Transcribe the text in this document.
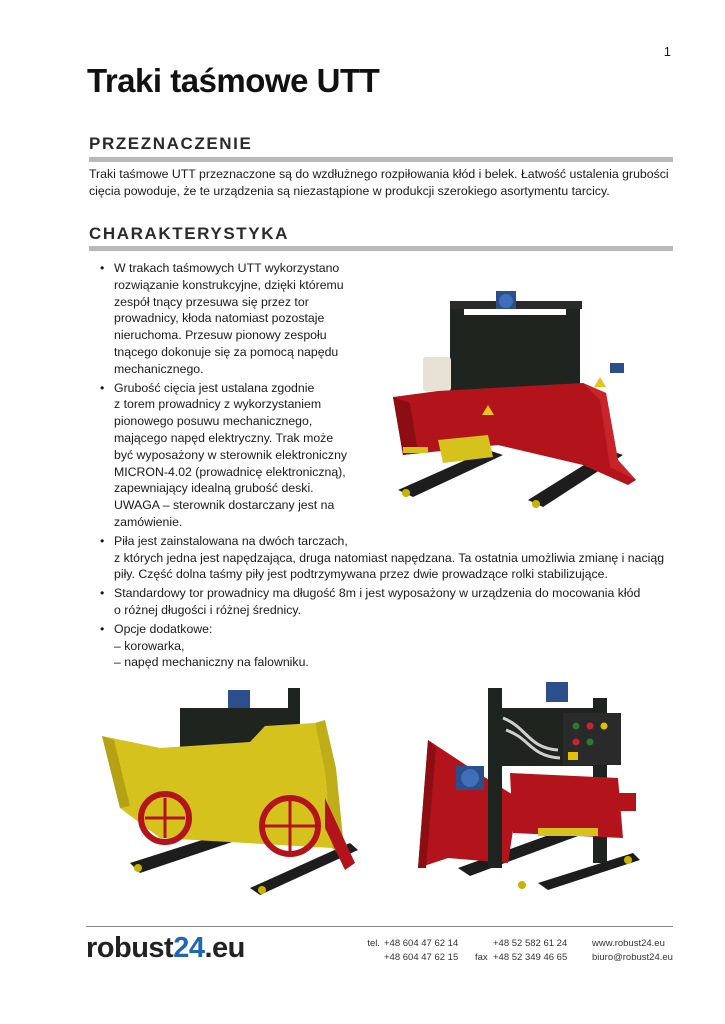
1
Traki taśmowe UTT
PRZEZNACZENIE

Traki taśmowe UTT przeznaczone są do wzdłużnego rozpiłowania kłód i belek. Łatwość ustalenia grubości
cięcia powoduje, że te urządzenia są niezastąpione w produkcji szerokiego asortymentu tarcicy.

CHARAKTERYSTYKA
• W trakach taśmowych UTT wykorzystano
rozwiązanie konstrukcyjne, dzięki któremu
zespół tnący przesuwa się przez tor
prowadnicy, kłoda natomiast pozostaje
nieruchoma. Przesuw pionowy zespołu
tnącego dokonuje się za pomocą napędu
mechanicznego.
• Grubość cięcia jest ustalana zgodnie
z torem prowadnicy z wykorzystaniem
pionowego posuwu mechanicznego,
mającego napęd elektryczny. Trak może
być wyposażony w sterownik elektroniczny
MICRON-4.02 (prowadnicę elektroniczną),
zapewniający idealną grubość deski.
UWAGA – sterownik dostarczany jest na
zamówienie.
• Piła jest zainstalowana na dwóch tarczach,
z których jedna jest napędzająca, druga natomiast napędzana. Ta ostatnia umożliwia zmianę i naciąg
piły. Część dolna taśmy piły jest podtrzymywana przez dwie prowadzące rolki stabilizujące.
• Standardowy tor prowadnicy ma długość 8m i jest wyposażony w urządzenia do mocowania kłód
o różnej długości i różnej średnicy.
• Opcje dodatkowe:
– korowarka,
– napęd mechaniczny na falowniku.
robust24.eu	tel. +48 604 47 62 14
+48 604 47 62 15 fax
+48 52 582 61 24
+48 52 349 46 65
www.robust24.eu
biuro@robust24.eu
